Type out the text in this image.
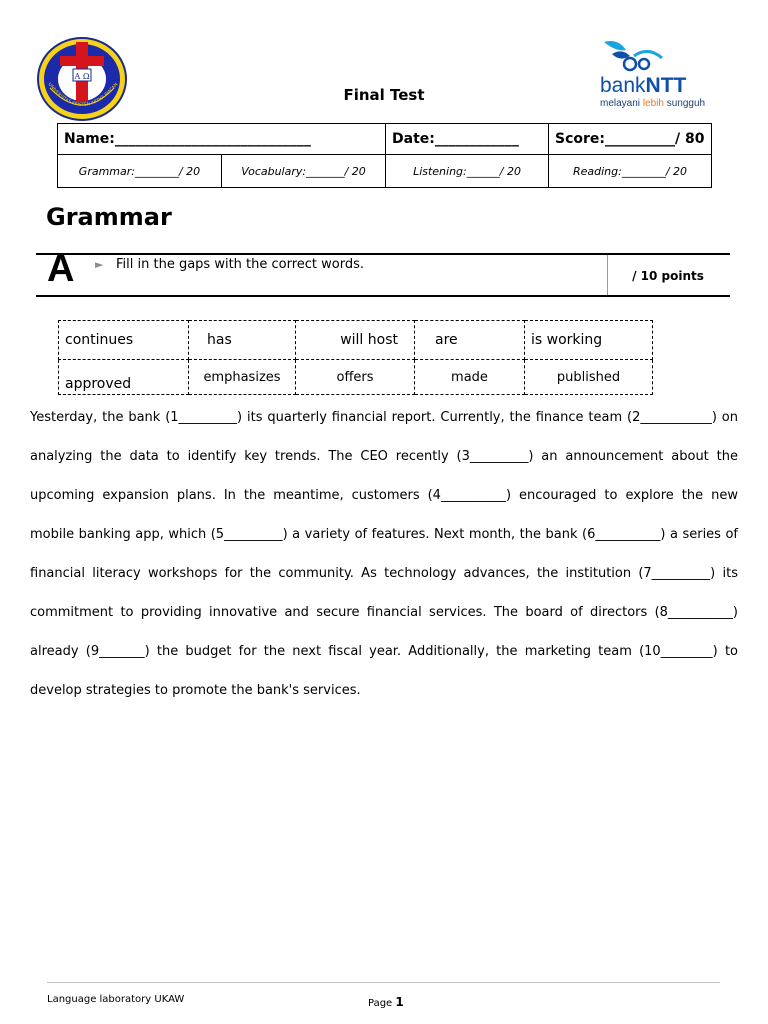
A Ω
UNIVERSITAS KRISTEN ARTHA WACAN	bankNTT
melayani lebih sungguh
Final Test
Name:____________________________		Date:____________	Score:__________/ 80
Grammar:________/ 20	Vocabulary:_______/ 20	Listening:______/ 20	Reading:________/ 20
Grammar
A ► Fill in the gaps with the correct words.
/ 10 points
continues	has	will host	are	is working
approved	emphasizes	offers	made	published
Yesterday, the bank (1_________) its quarterly financial report. Currently, the finance team (2___________) on analyzing the data to identify key trends. The CEO recently (3_________) an announcement about the upcoming expansion plans. In the meantime, customers (4__________) encouraged to explore the new mobile banking app, which (5_________) a variety of features. Next month, the bank (6__________) a series of financial literacy workshops for the community. As technology advances, the institution (7_________) its commitment to providing innovative and secure financial services. The board of directors (8__________) already (9_______) the budget for the next fiscal year. Additionally, the marketing team (10________) to develop strategies to promote the bank's services.
Language laboratory UKAW	Page 1
